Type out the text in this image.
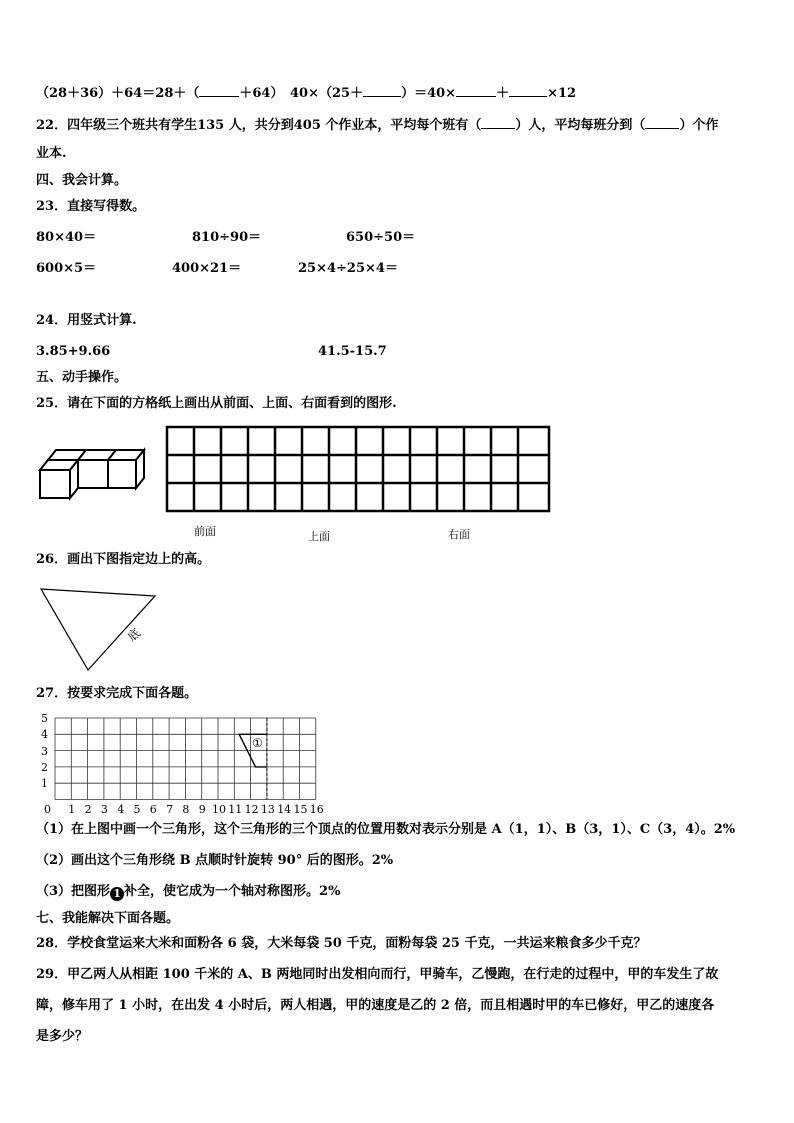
（28＋36）＋64＝28＋（	＋64） 40×（25＋	）＝40×	＋	×12
22．四年级三个班共有学生135 人，共分到405 个作业本，平均每个班有（	）人，平均每班分到（	）个作
业本.
四、我会计算。
23．直接写得数。
80×40＝	810÷90＝	650÷50＝
600×5＝	400×21＝	25×4÷25×4＝
24．用竖式计算.
3.85+9.66	41.5-15.7
五、动手操作。
25．请在下面的方格纸上画出从前面、上面、右面看到的图形.
前面	上面	右面
26．画出下图指定边上的高。
底
27．按要求完成下面各题。
1
2
3
4
5
0 1 2 3 4 5 6 7 8 9 10 11 12 13 14 15 16
①
（1）在上图中画一个三角形，这个三角形的三个顶点的位置用数对表示分别是 A（1，1）、B（3，1）、C（3，4）。2%
（2）画出这个三角形绕 B 点顺时针旋转 90° 后的图形。2%
（3）把图形 1 补全，使它成为一个轴对称图形。2%
七、我能解决下面各题。
28．学校食堂运来大米和面粉各 6 袋，大米每袋 50 千克，面粉每袋 25 千克，一共运来粮食多少千克？
29．甲乙两人从相距 100 千米的 A、B 两地同时出发相向而行，甲骑车，乙慢跑，在行走的过程中，甲的车发生了故
障，修车用了 1 小时，在出发 4 小时后，两人相遇，甲的速度是乙的 2 倍，而且相遇时甲的车已修好，甲乙的速度各
是多少？
